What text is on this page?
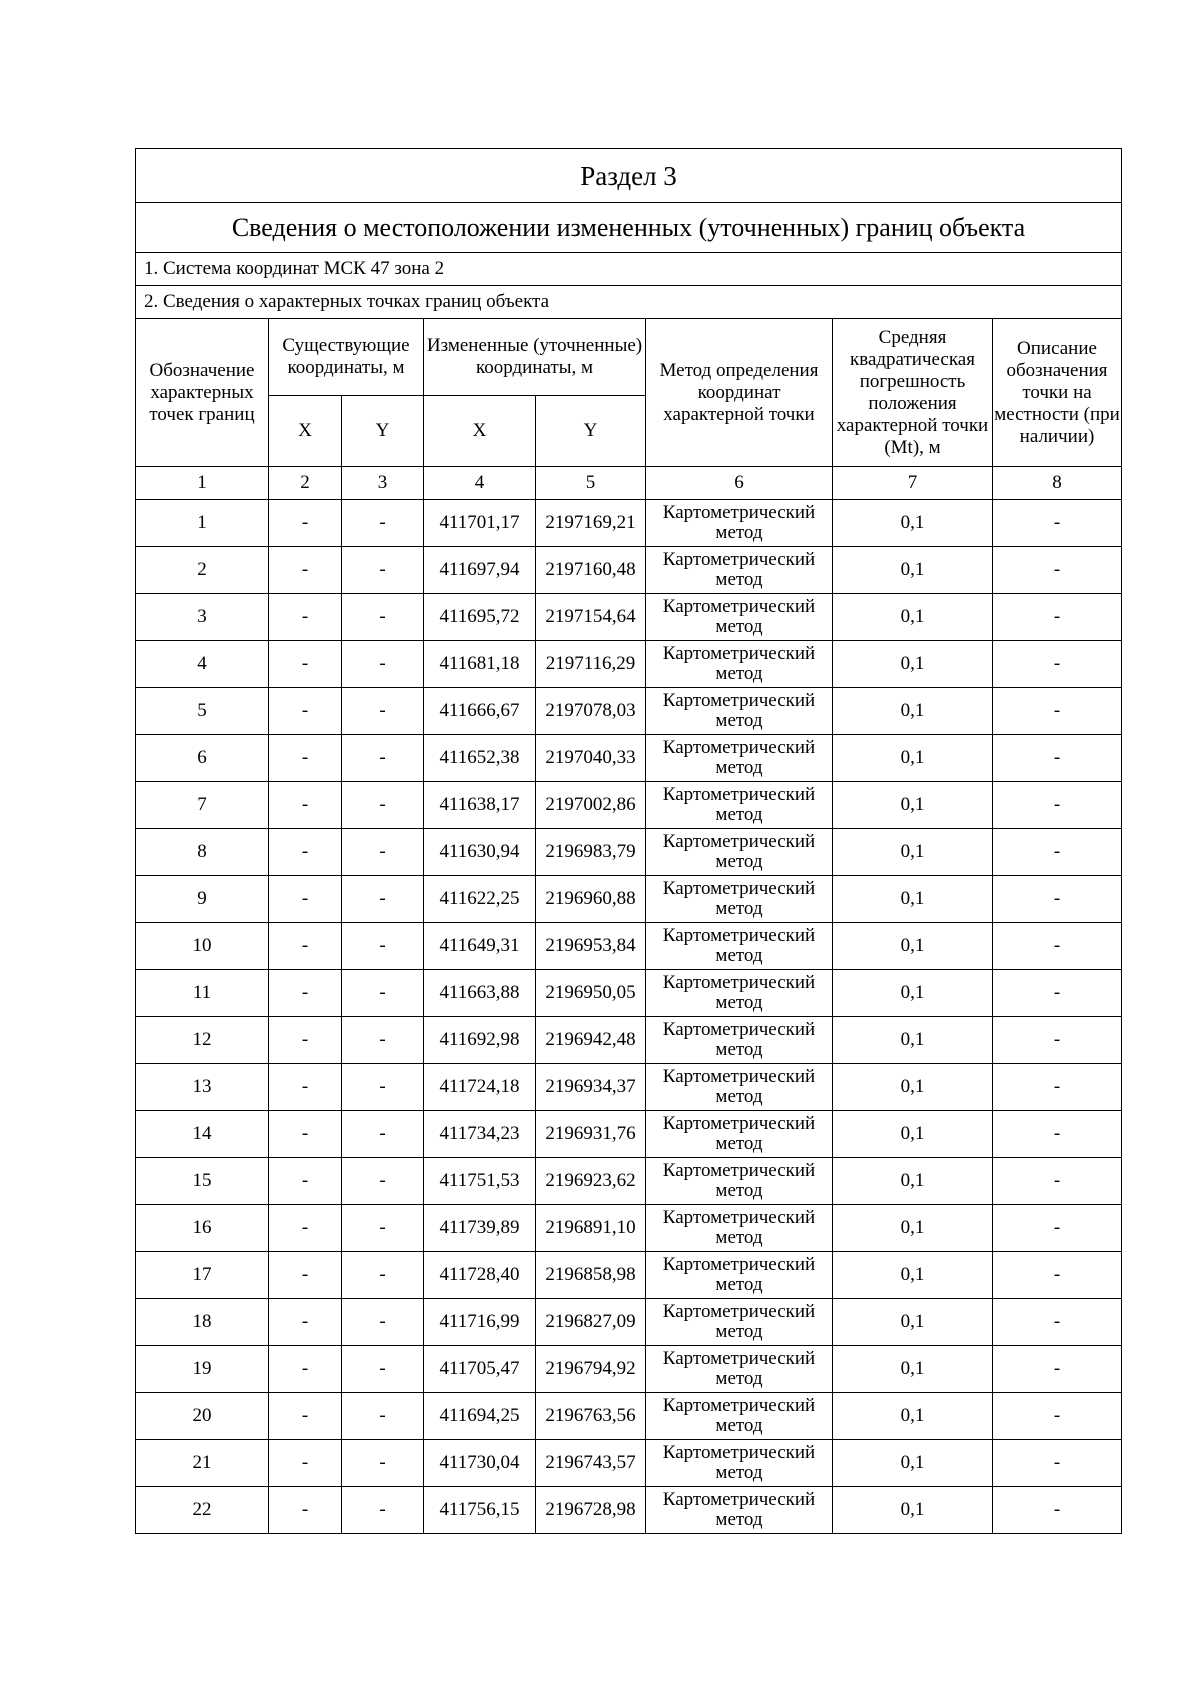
Раздел 3							
Сведения о местоположении измененных (уточненных) границ объекта							
1. Система координат МСК 47 зона 2							
2. Сведения о характерных точках границ объекта							
Обозначение характерных точек границ	Существующие координаты, м		Измененные (уточненные) координаты, м		Метод определения координат характерной точки	Средняя квадратическая погрешность положения характерной точки (Mt), м	Описание обозначения точки на местности (при наличии)
	X	Y	X	Y			
1	2	3	4	5	6	7	8
1	-	-	411701,17	2197169,21	Картометрический метод	0,1	-
2	-	-	411697,94	2197160,48	Картометрический метод	0,1	-
3	-	-	411695,72	2197154,64	Картометрический метод	0,1	-
4	-	-	411681,18	2197116,29	Картометрический метод	0,1	-
5	-	-	411666,67	2197078,03	Картометрический метод	0,1	-
6	-	-	411652,38	2197040,33	Картометрический метод	0,1	-
7	-	-	411638,17	2197002,86	Картометрический метод	0,1	-
8	-	-	411630,94	2196983,79	Картометрический метод	0,1	-
9	-	-	411622,25	2196960,88	Картометрический метод	0,1	-
10	-	-	411649,31	2196953,84	Картометрический метод	0,1	-
11	-	-	411663,88	2196950,05	Картометрический метод	0,1	-
12	-	-	411692,98	2196942,48	Картометрический метод	0,1	-
13	-	-	411724,18	2196934,37	Картометрический метод	0,1	-
14	-	-	411734,23	2196931,76	Картометрический метод	0,1	-
15	-	-	411751,53	2196923,62	Картометрический метод	0,1	-
16	-	-	411739,89	2196891,10	Картометрический метод	0,1	-
17	-	-	411728,40	2196858,98	Картометрический метод	0,1	-
18	-	-	411716,99	2196827,09	Картометрический метод	0,1	-
19	-	-	411705,47	2196794,92	Картометрический метод	0,1	-
20	-	-	411694,25	2196763,56	Картометрический метод	0,1	-
21	-	-	411730,04	2196743,57	Картометрический метод	0,1	-
22	-	-	411756,15	2196728,98	Картометрический метод	0,1	-
